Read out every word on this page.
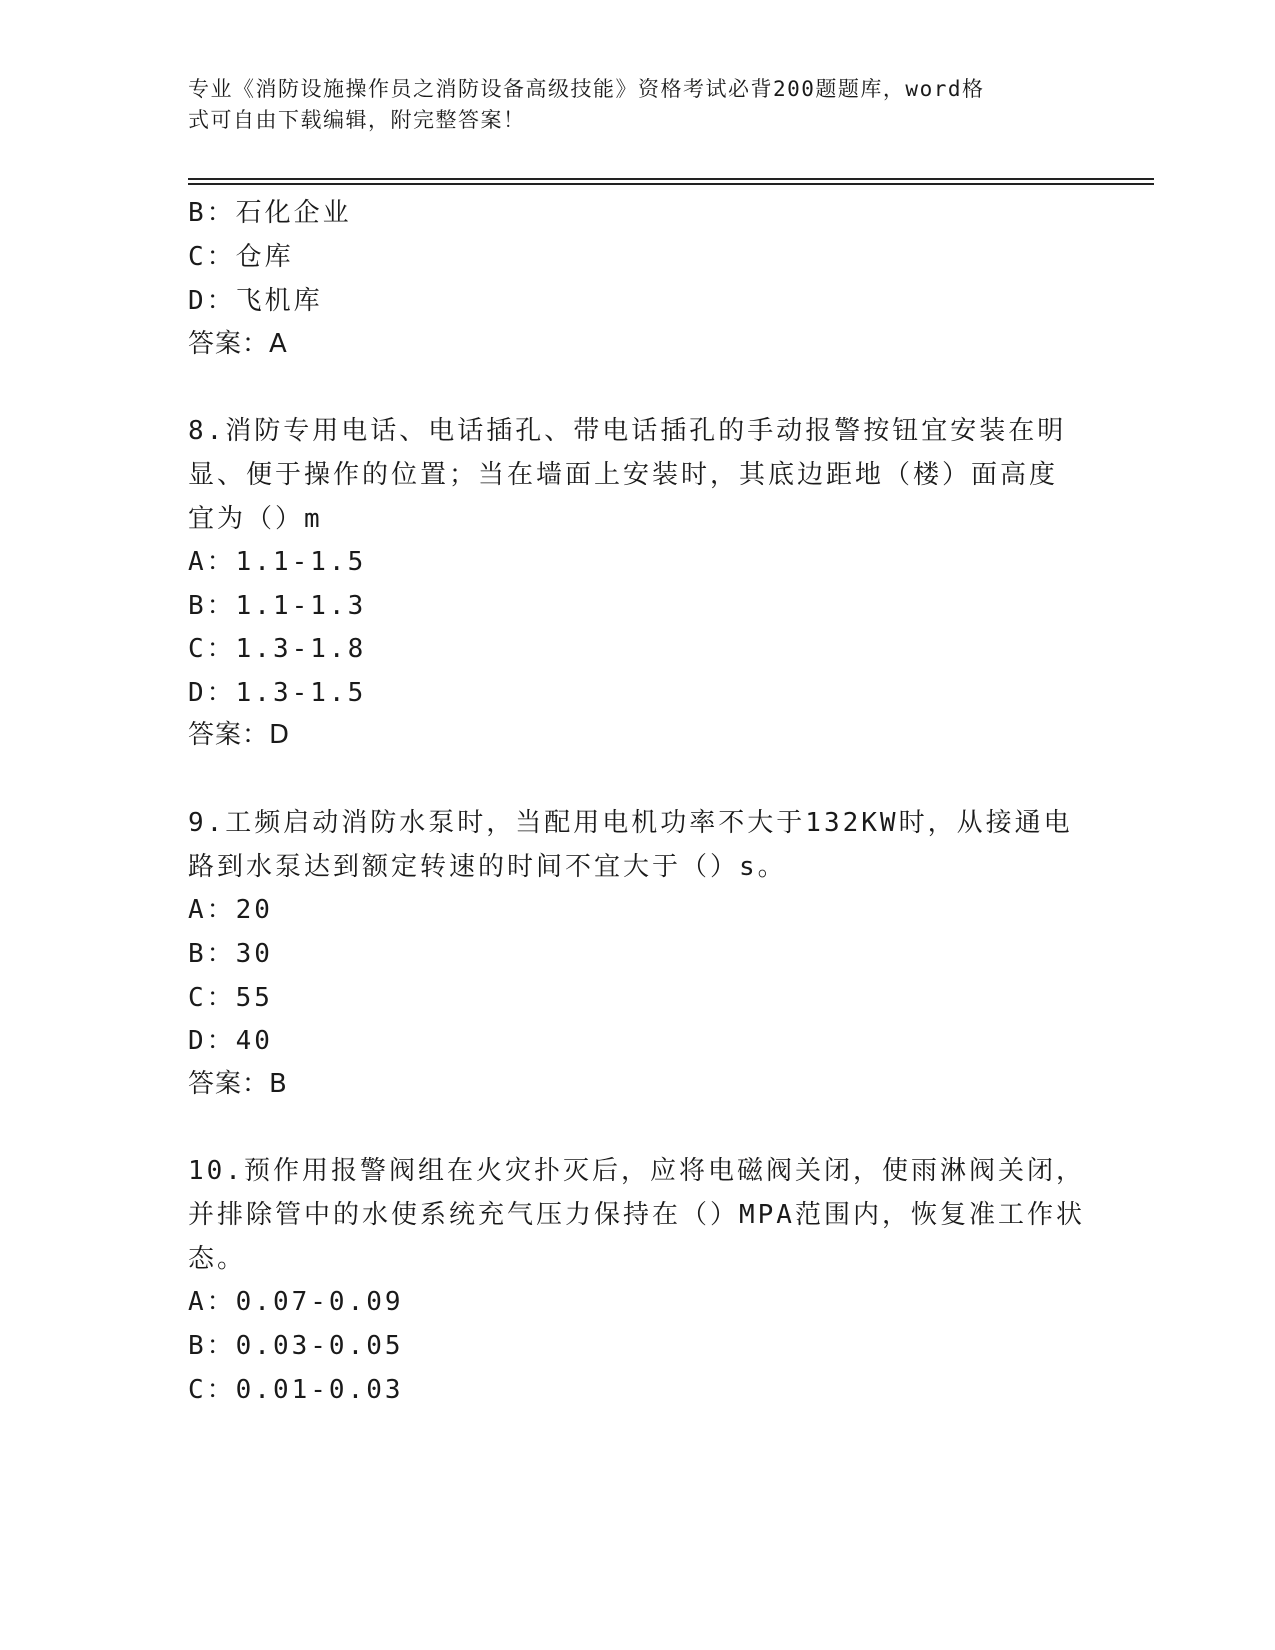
专业《消防设施操作员之消防设备高级技能》资格考试必背200题题库，word格
式可自由下载编辑，附完整答案！
B：石化企业
C：仓库
D：飞机库
答案：A
8.消防专用电话、电话插孔、带电话插孔的手动报警按钮宜安装在明
显、便于操作的位置；当在墙面上安装时，其底边距地（楼）面高度
宜为（）m
A：1.1-1.5
B：1.1-1.3
C：1.3-1.8
D：1.3-1.5
答案：D
9.工频启动消防水泵时，当配用电机功率不大于132KW时，从接通电
路到水泵达到额定转速的时间不宜大于（）s。
A：20
B：30
C：55
D：40
答案：B
10.预作用报警阀组在火灾扑灭后，应将电磁阀关闭，使雨淋阀关闭，
并排除管中的水使系统充气压力保持在（）MPA范围内，恢复准工作状
态。
A：0.07-0.09
B：0.03-0.05
C：0.01-0.03
